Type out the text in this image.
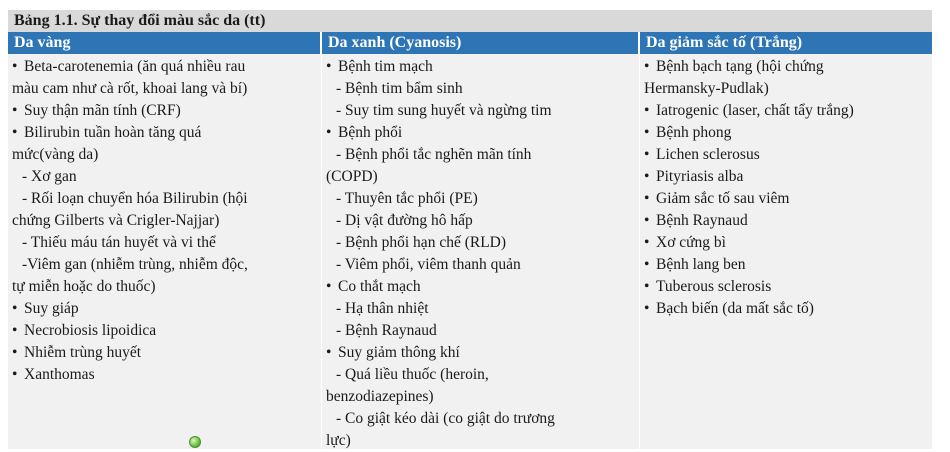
Bảng 1.1. Sự thay đổi màu sắc da (tt)
Da vàng	Da xanh (Cyanosis)	Da giảm sắc tố (Trắng)
• Beta-carotenemia (ăn quá nhiều rau
màu cam như cà rốt, khoai lang và bí)
• Suy thận mãn tính (CRF)
• Bilirubin tuần hoàn tăng quá
mức(vàng da)
- Xơ gan
- Rối loạn chuyển hóa Bilirubin (hội
chứng Gilberts và Crigler-Najjar)
- Thiếu máu tán huyết và vi thể
-Viêm gan (nhiễm trùng, nhiễm độc,
tự miễn hoặc do thuốc)
• Suy giáp
• Necrobiosis lipoidica
• Nhiễm trùng huyết
• Xanthomas
• Bệnh tim mạch
- Bệnh tim bẩm sinh
- Suy tim sung huyết và ngừng tim
• Bệnh phổi
- Bệnh phổi tắc nghẽn mãn tính
(COPD)
- Thuyên tắc phổi (PE)
- Dị vật đường hô hấp
- Bệnh phổi hạn chế (RLD)
- Viêm phổi, viêm thanh quản
• Co thắt mạch
- Hạ thân nhiệt
- Bệnh Raynaud
• Suy giảm thông khí
- Quá liều thuốc (heroin,
benzodiazepines)
- Co giật kéo dài (co giật do trương
lực)
• Bệnh bạch tạng (hội chứng
Hermansky-Pudlak)
• Iatrogenic (laser, chất tẩy trắng)
• Bệnh phong
• Lichen sclerosus
• Pityriasis alba
• Giảm sắc tố sau viêm
• Bệnh Raynaud
• Xơ cứng bì
• Bệnh lang ben
• Tuberous sclerosis
• Bạch biến (da mất sắc tố)
